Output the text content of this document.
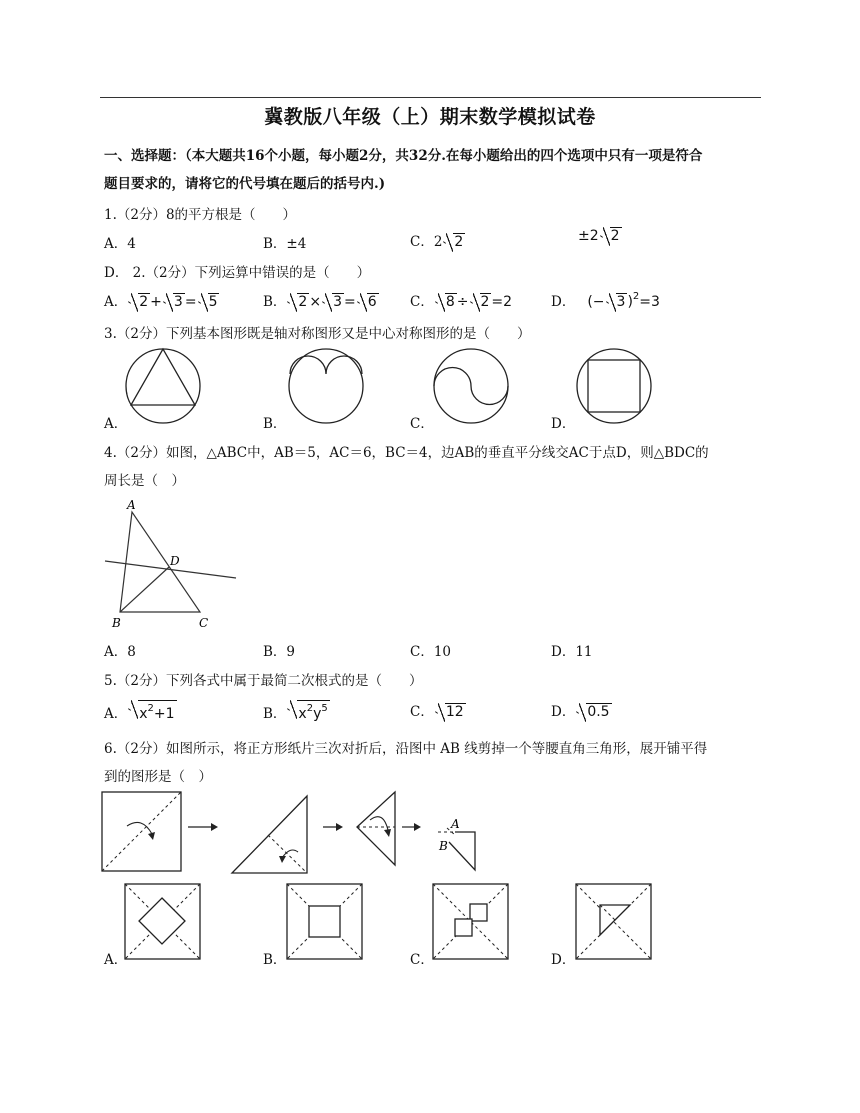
冀教版八年级（上）期末数学模拟试卷
一、选择题：（本大题共16个小题，每小题2分，共32分.在每小题给出的四个选项中只有一项是符合
题目要求的，请将它的代号填在题后的括号内.)
1.（2分）8的平方根是（　　）
A．4	B．±4	C．2 2	±2 2
D． 2.（2分）下列运算中错误的是（　　）
A． 2 + 3 = 5	B． 2 × 3 = 6 C． 8 ÷ 2 =2	D． (− 3 )$^2$=3
3.（2分）下列基本图形既是轴对称图形又是中心对称图形的是（　　）
A．	B．	C．	D．
4.（2分）如图，△ABC中，AB＝5，AC＝6，BC＝4，边AB的垂直平分线交AC于点D，则△BDC的
周长是（　）
A
B	C
D
A．8	B．9	C．10	D．11
5.（2分）下列各式中属于最简二次根式的是（　　）
A． $x^2+1$	B． $x^2y^5$	C． 12	D． 0.5
6.（2分）如图所示，将正方形纸片三次对折后，沿图中 AB 线剪掉一个等腰直角三角形，展开铺平得
到的图形是（　）
A
B
A．	B．	C．	D．
